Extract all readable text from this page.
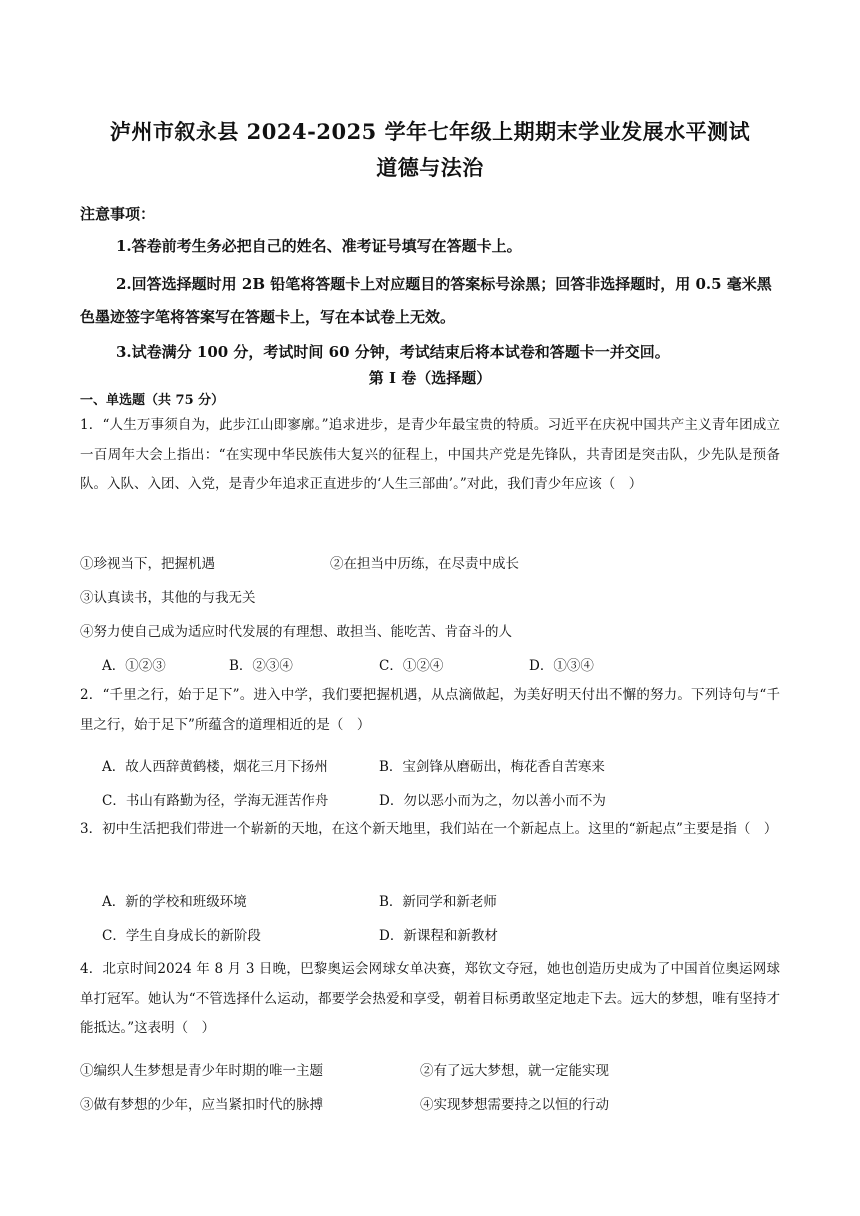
泸州市叙永县 2024-2025 学年七年级上期期末学业发展水平测试
道德与法治
注意事项：
1.答卷前考生务必把自己的姓名、准考证号填写在答题卡上。
2.回答选择题时用 2B 铅笔将答题卡上对应题目的答案标号涂黑；回答非选择题时，用 0.5 毫米黑色墨迹签字笔将答案写在答题卡上，写在本试卷上无效。
3.试卷满分 100 分，考试时间 60 分钟，考试结束后将本试卷和答题卡一并交回。
第 I 卷（选择题）
一、单选题（共 75 分）
1．“人生万事须自为，此步江山即寥廓。”追求进步，是青少年最宝贵的特质。习近平在庆祝中国共产主义青年团成立一百周年大会上指出：“在实现中华民族伟大复兴的征程上，中国共产党是先锋队，共青团是突击队，少先队是预备队。入队、入团、入党，是青少年追求正直进步的‘人生三部曲’。”对此，我们青少年应该（　）
①珍视当下，把握机遇	②在担当中历练，在尽责中成长
③认真读书，其他的与我无关
④努力使自己成为适应时代发展的有理想、敢担当、能吃苦、肯奋斗的人
A．①②③	B．②③④	C．①②④	D．①③④
2．“千里之行，始于足下”。进入中学，我们要把握机遇，从点滴做起，为美好明天付出不懈的努力。下列诗句与“千里之行，始于足下”所蕴含的道理相近的是（　）
A．故人西辞黄鹤楼，烟花三月下扬州	B．宝剑锋从磨砺出，梅花香自苦寒来
C．书山有路勤为径，学海无涯苦作舟	D．勿以恶小而为之，勿以善小而不为
3．初中生活把我们带进一个崭新的天地，在这个新天地里，我们站在一个新起点上。这里的“新起点”主要是指（　）
A．新的学校和班级环境	B．新同学和新老师
C．学生自身成长的新阶段	D．新课程和新教材
4．北京时间2024 年 8 月 3 日晚，巴黎奥运会网球女单决赛，郑钦文夺冠，她也创造历史成为了中国首位奥运网球单打冠军。她认为“不管选择什么运动，都要学会热爱和享受，朝着目标勇敢坚定地走下去。远大的梦想，唯有坚持才能抵达。”这表明（　）
①编织人生梦想是青少年时期的唯一主题	②有了远大梦想，就一定能实现
③做有梦想的少年，应当紧扣时代的脉搏	④实现梦想需要持之以恒的行动
